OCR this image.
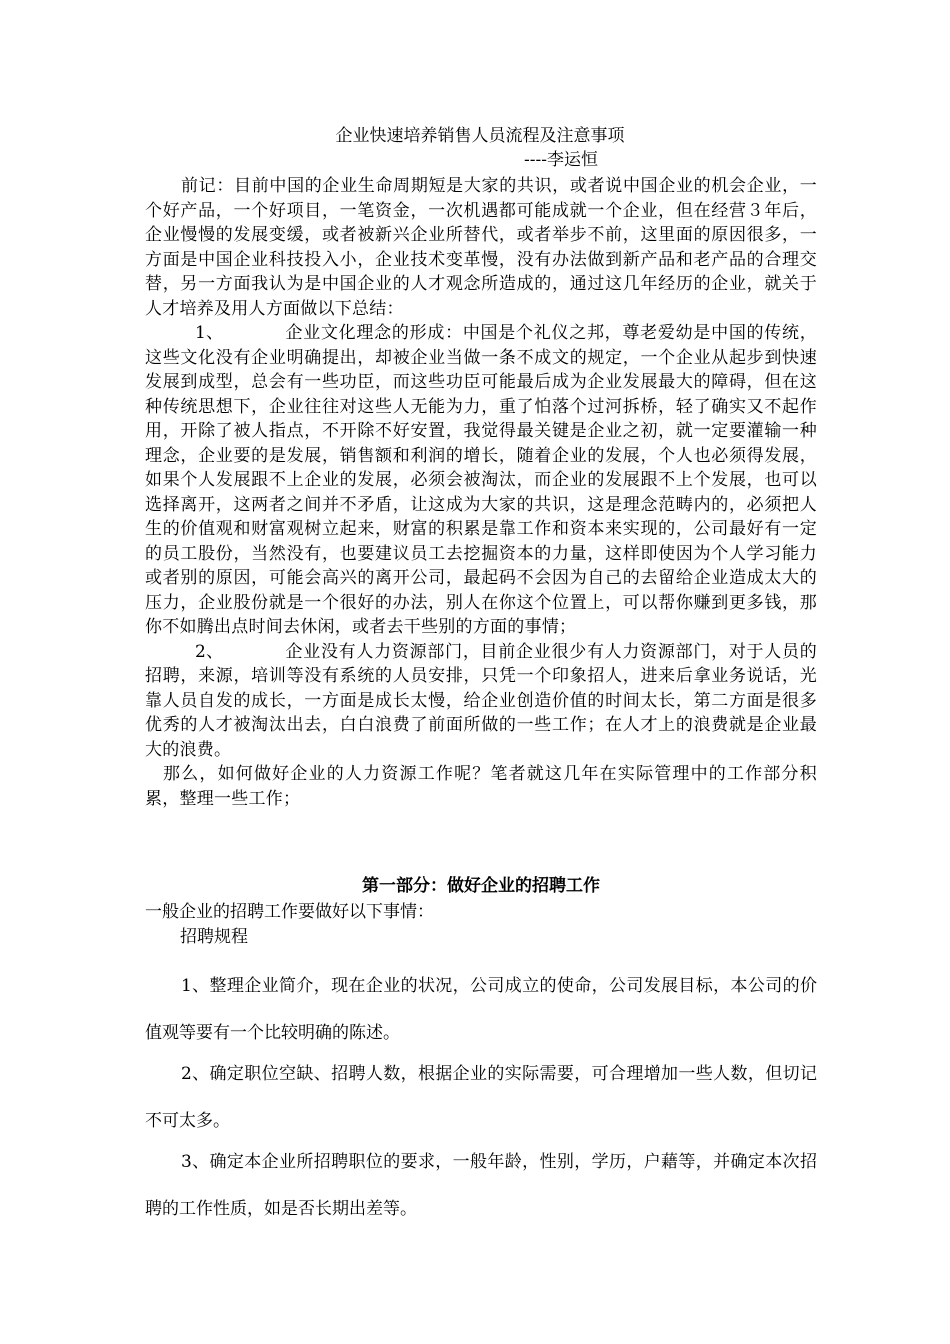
企业快速培养销售人员流程及注意事项
----李运恒

前记：目前中国的企业生命周期短是大家的共识，或者说中国企业的机会企业，一个好产品，一个好项目，一笔资金，一次机遇都可能成就一个企业，但在经营３年后，企业慢慢的发展变缓，或者被新兴企业所替代，或者举步不前，这里面的原因很多，一方面是中国企业科技投入小，企业技术变革慢，没有办法做到新产品和老产品的合理交替，另一方面我认为是中国企业的人才观念所造成的，通过这几年经历的企业，就关于人才培养及用人方面做以下总结：

1、	企业文化理念的形成：中国是个礼仪之邦，尊老爱幼是中国的传统，这些文化没有企业明确提出，却被企业当做一条不成文的规定，一个企业从起步到快速发展到成型，总会有一些功臣，而这些功臣可能最后成为企业发展最大的障碍，但在这种传统思想下，企业往往对这些人无能为力，重了怕落个过河拆桥，轻了确实又不起作用，开除了被人指点，不开除不好安置，我觉得最关键是企业之初，就一定要灌输一种理念，企业要的是发展，销售额和利润的增长，随着企业的发展，个人也必须得发展，如果个人发展跟不上企业的发展，必须会被淘汰，而企业的发展跟不上个发展，也可以选择离开，这两者之间并不矛盾，让这成为大家的共识，这是理念范畴内的，必须把人生的价值观和财富观树立起来，财富的积累是靠工作和资本来实现的，公司最好有一定的员工股份，当然没有，也要建议员工去挖掘资本的力量，这样即使因为个人学习能力或者别的原因，可能会高兴的离开公司，最起码不会因为自己的去留给企业造成太大的压力，企业股份就是一个很好的办法，别人在你这个位置上，可以帮你赚到更多钱，那你不如腾出点时间去休闲，或者去干些别的方面的事情；

2、	企业没有人力资源部门，目前企业很少有人力资源部门，对于人员的招聘，来源，培训等没有系统的人员安排，只凭一个印象招人，进来后拿业务说话，光靠人员自发的成长，一方面是成长太慢，给企业创造价值的时间太长，第二方面是很多优秀的人才被淘汰出去，白白浪费了前面所做的一些工作；在人才上的浪费就是企业最大的浪费。

那么，如何做好企业的人力资源工作呢？笔者就这几年在实际管理中的工作部分积累，整理一些工作；

第一部分：做好企业的招聘工作
一般企业的招聘工作要做好以下事情：
招聘规程

1、整理企业简介，现在企业的状况，公司成立的使命，公司发展目标，本公司的价值观等要有一个比较明确的陈述。

2、确定职位空缺、招聘人数，根据企业的实际需要，可合理增加一些人数，但切记不可太多。

3、确定本企业所招聘职位的要求，一般年龄，性别，学历，户藉等，并确定本次招聘的工作性质，如是否长期出差等。
